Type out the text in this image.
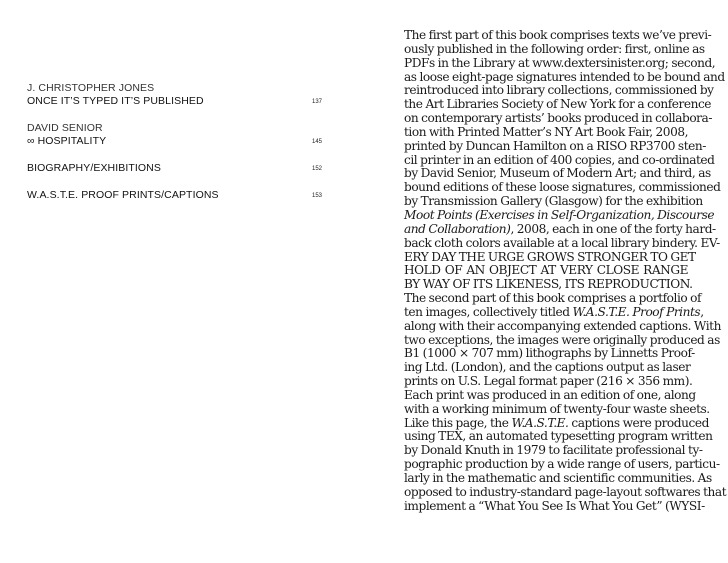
J. CHRISTOPHER JONES
ONCE IT’S TYPED IT’S PUBLISHED	137
DAVID SENIOR
∞ HOSPITALITY	145
BIOGRAPHY/EXHIBITIONS	152
W.A.S.T.E. PROOF PRINTS/CAPTIONS	153
The first part of this book comprises texts we’ve previ-
ously published in the following order: first, online as
PDFs in the Library at www.dextersinister.org; second,
as loose eight-page signatures intended to be bound and
reintroduced into library collections, commissioned by
the Art Libraries Society of New York for a conference
on contemporary artists’ books produced in collabora-
tion with Printed Matter’s NY Art Book Fair, 2008,
printed by Duncan Hamilton on a RISO RP3700 sten-
cil printer in an edition of 400 copies, and co-ordinated
by David Senior, Museum of Modern Art; and third, as
bound editions of these loose signatures, commissioned
by Transmission Gallery (Glasgow) for the exhibition
Moot Points (Exercises in Self-Organization, Discourse
and Collaboration), 2008, each in one of the forty hard-
back cloth colors available at a local library bindery. EV-
ERY DAY THE URGE GROWS STRONGER TO GET
HOLD OF AN OBJECT AT VERY CLOSE RANGE
BY WAY OF ITS LIKENESS, ITS REPRODUCTION.
The second part of this book comprises a portfolio of
ten images, collectively titled W.A.S.T.E. Proof Prints,
along with their accompanying extended captions. With
two exceptions, the images were originally produced as
B1 (1000 × 707 mm) lithographs by Linnetts Proof-
ing Ltd. (London), and the captions output as laser
prints on U.S. Legal format paper (216 × 356 mm).
Each print was produced in an edition of one, along
with a working minimum of twenty-four waste sheets.
Like this page, the W.A.S.T.E. captions were produced
using TEX, an automated typesetting program written
by Donald Knuth in 1979 to facilitate professional ty-
pographic production by a wide range of users, particu-
larly in the mathematic and scientific communities. As
opposed to industry-standard page-layout softwares that
implement a “What You See Is What You Get” (WYSI-
